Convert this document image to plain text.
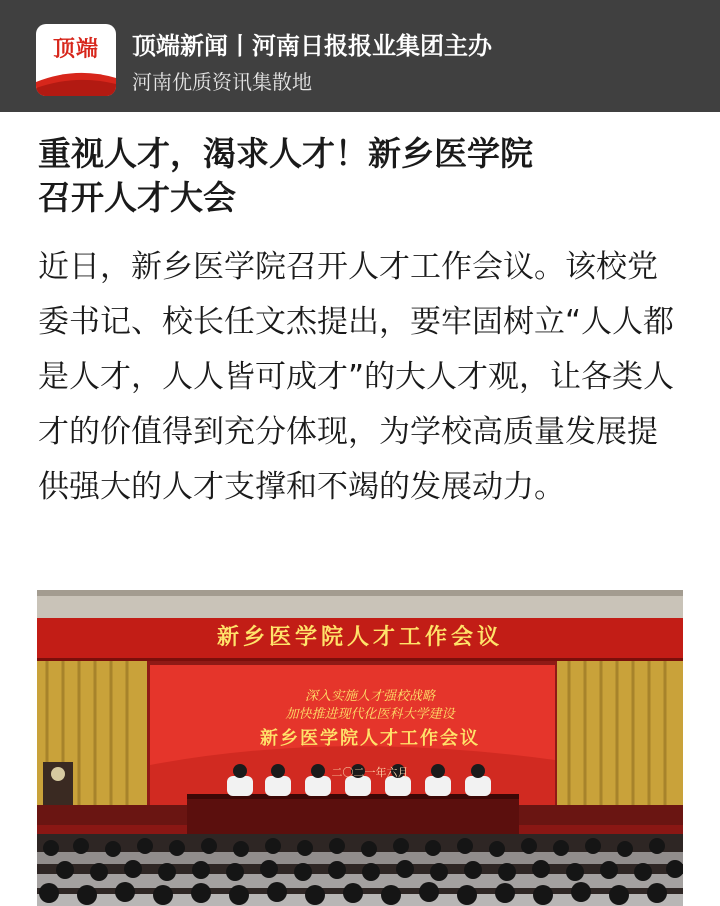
顶端	顶端新闻丨河南日报报业集团主办
河南优质资讯集散地
重视人才，渴求人才！新乡医学院
召开人才大会
近日，新乡医学院召开人才工作会议。该校党委书记、校长任文杰提出，要牢固树立“人人都是人才，人人皆可成才”的大人才观，让各类人才的价值得到充分体现，为学校高质量发展提供强大的人才支撑和不竭的发展动力。
新乡医学院人才工作会议
深入实施人才强校战略
加快推进现代化医科大学建设
新乡医学院人才工作会议
二〇二一年六月
